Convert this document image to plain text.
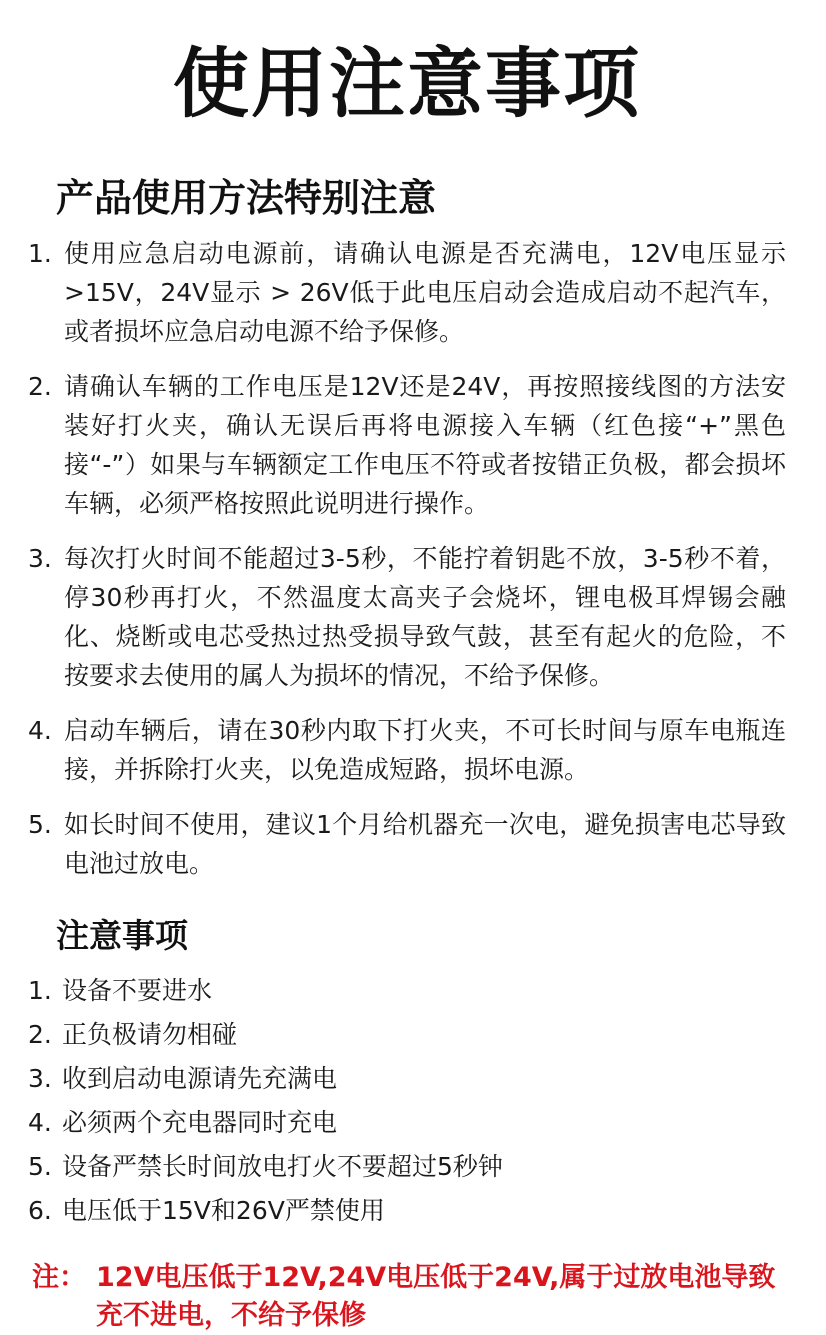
使用注意事项
产品使用方法特别注意
1. 使用应急启动电源前，请确认电源是否充满电，12V电压显示>15V，24V显示 > 26V低于此电压启动会造成启动不起汽车，或者损坏应急启动电源不给予保修。
2. 请确认车辆的工作电压是12V还是24V，再按照接线图的方法安装好打火夹，确认无误后再将电源接入车辆（红色接“+”黑色接“-”）如果与车辆额定工作电压不符或者按错正负极，都会损坏车辆，必须严格按照此说明进行操作。
3. 每次打火时间不能超过3-5秒，不能拧着钥匙不放，3-5秒不着，停30秒再打火，不然温度太高夹子会烧坏，锂电极耳焊锡会融化、烧断或电芯受热过热受损导致气鼓，甚至有起火的危险，不按要求去使用的属人为损坏的情况，不给予保修。
4. 启动车辆后，请在30秒内取下打火夹，不可长时间与原车电瓶连接，并拆除打火夹，以免造成短路，损坏电源。
5. 如长时间不使用，建议1个月给机器充一次电，避免损害电芯导致电池过放电。
注意事项
1. 设备不要进水
2. 正负极请勿相碰
3. 收到启动电源请先充满电
4. 必须两个充电器同时充电
5. 设备严禁长时间放电打火不要超过5秒钟
6. 电压低于15V和26V严禁使用
注： 12V电压低于12V,24V电压低于24V,属于过放电池导致充不进电，不给予保修
